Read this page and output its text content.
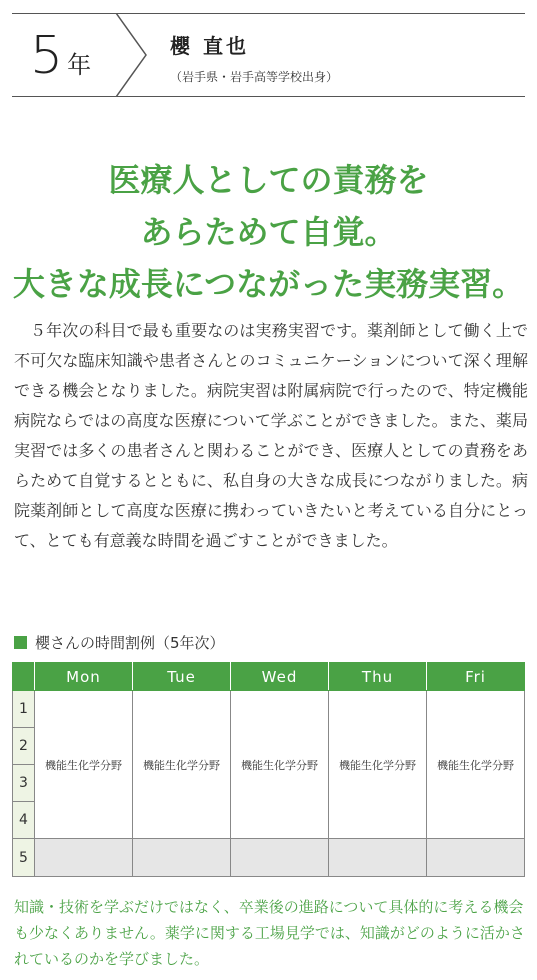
5 年
櫻 直也
（岩手県・岩手高等学校出身）
医療人としての責務を
あらためて自覚。
大きな成長につながった実務実習。
５年次の科目で最も重要なのは実務実習です。薬剤師として働く上で不可欠な臨床知識や患者さんとのコミュニケーションについて深く理解できる機会となりました。病院実習は附属病院で行ったので、特定機能病院ならではの高度な医療について学ぶことができました。また、薬局実習では多くの患者さんと関わることができ、医療人としての責務をあらためて自覚するとともに、私自身の大きな成長につながりました。病院薬剤師として高度な医療に携わっていきたいと考えている自分にとって、とても有意義な時間を過ごすことができました。
櫻さんの時間割例（5年次）
	Mon	Tue	Wed	Thu	Fri
1	機能生化学分野	機能生化学分野	機能生化学分野	機能生化学分野	機能生化学分野
2					
3					
4					
5					
知識・技術を学ぶだけではなく、卒業後の進路について具体的に考える機会も少なくありません。薬学に関する工場見学では、知識がどのように活かされているのかを学びました。
